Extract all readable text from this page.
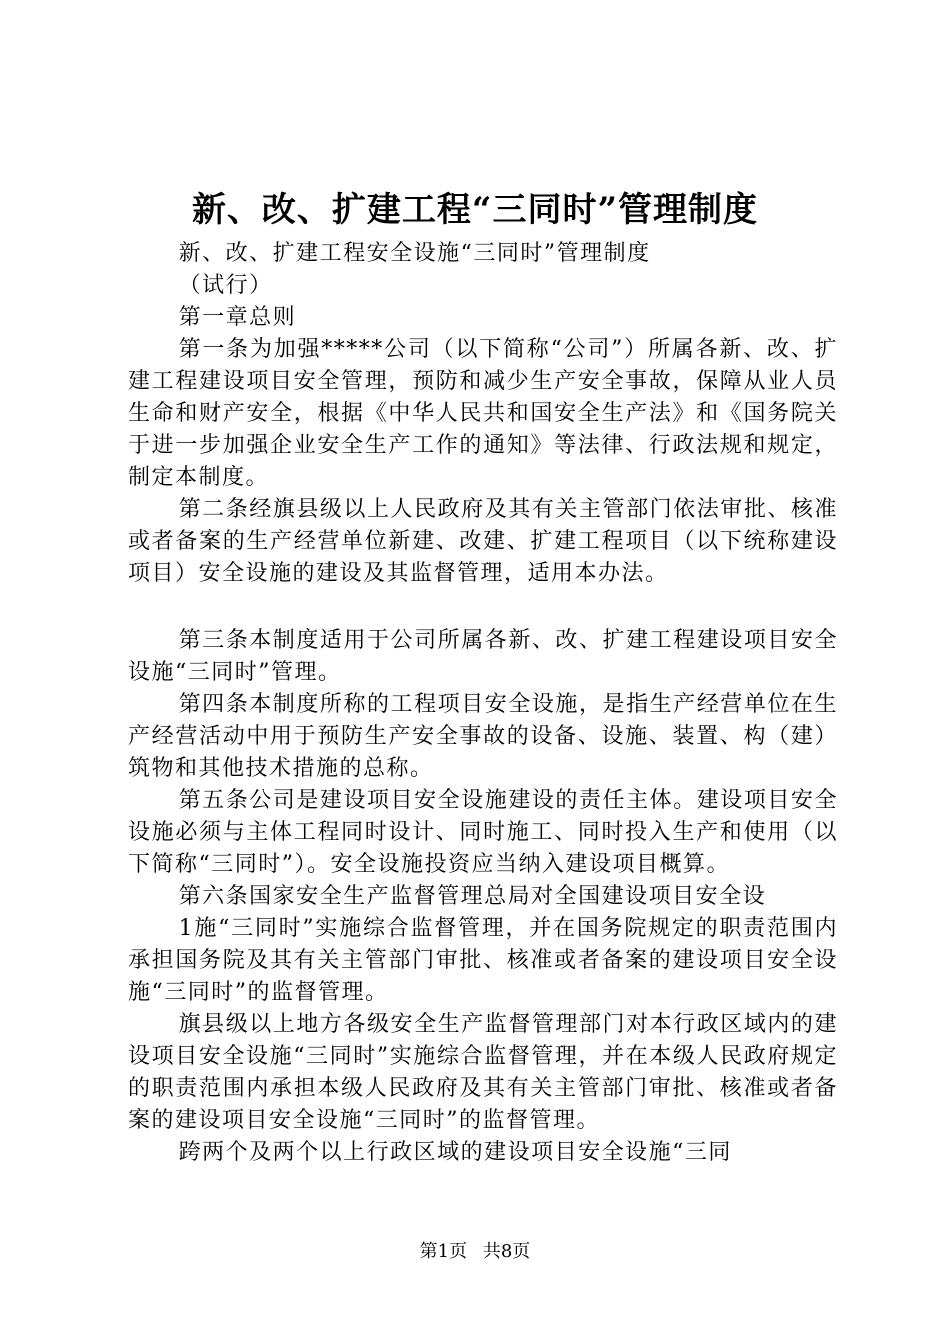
新、改、扩建工程“三同时”管理制度

新、改、扩建工程安全设施“三同时”管理制度

（试行）

第一章总则

第一条为加强*****公司（以下简称“公司”）所属各新、改、扩建工程建设项目安全管理，预防和减少生产安全事故，保障从业人员生命和财产安全，根据《中华人民共和国安全生产法》和《国务院关于进一步加强企业安全生产工作的通知》等法律、行政法规和规定，制定本制度。

第二条经旗县级以上人民政府及其有关主管部门依法审批、核准或者备案的生产经营单位新建、改建、扩建工程项目（以下统称建设项目）安全设施的建设及其监督管理，适用本办法。

第三条本制度适用于公司所属各新、改、扩建工程建设项目安全设施“三同时”管理。

第四条本制度所称的工程项目安全设施，是指生产经营单位在生产经营活动中用于预防生产安全事故的设备、设施、装置、构（建）筑物和其他技术措施的总称。

第五条公司是建设项目安全设施建设的责任主体。建设项目安全设施必须与主体工程同时设计、同时施工、同时投入生产和使用（以下简称“三同时”）。安全设施投资应当纳入建设项目概算。

第六条国家安全生产监督管理总局对全国建设项目安全设

1施“三同时”实施综合监督管理，并在国务院规定的职责范围内承担国务院及其有关主管部门审批、核准或者备案的建设项目安全设施“三同时”的监督管理。

旗县级以上地方各级安全生产监督管理部门对本行政区域内的建设项目安全设施“三同时”实施综合监督管理，并在本级人民政府规定的职责范围内承担本级人民政府及其有关主管部门审批、核准或者备案的建设项目安全设施“三同时”的监督管理。

跨两个及两个以上行政区域的建设项目安全设施“三同

第1页 共8页
